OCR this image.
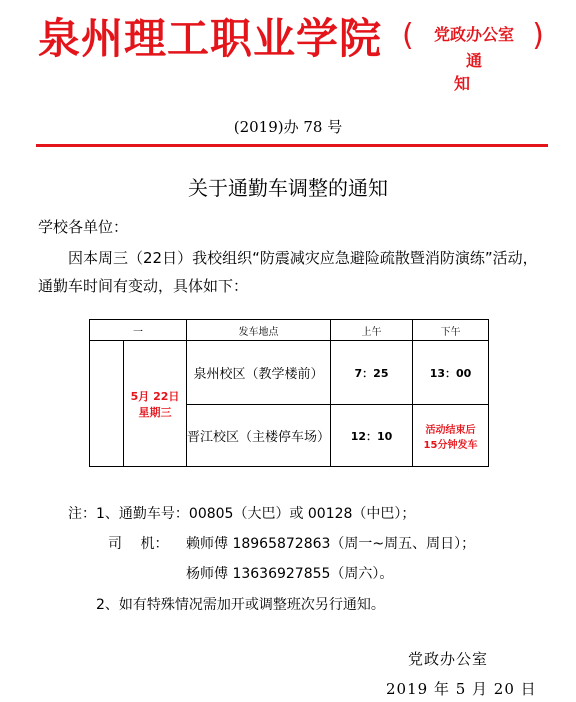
泉州理工职业学院 (	党政办公室
通知
)
(2019)办 78 号
关于通勤车调整的通知
学校各单位：
因本周三（22日）我校组织“防震减灾应急避险疏散暨消防演练”活动，
通勤车时间有变动，具体如下：
一	发车地点	上午	下午
5月 22日
星期三
泉州校区（教学楼前）	7：25	13：00
晋江校区（主楼停车场）	12：10	活动结束后
15分钟发车
注：1、通勤车号：00805（大巴）或 00128（中巴）；
司　 机： 赖师傅 18965872863（周一~周五、周日）；
杨师傅 13636927855（周六）。
2、如有特殊情况需加开或调整班次另行通知。
党政办公室
2019 年 5 月 20 日
